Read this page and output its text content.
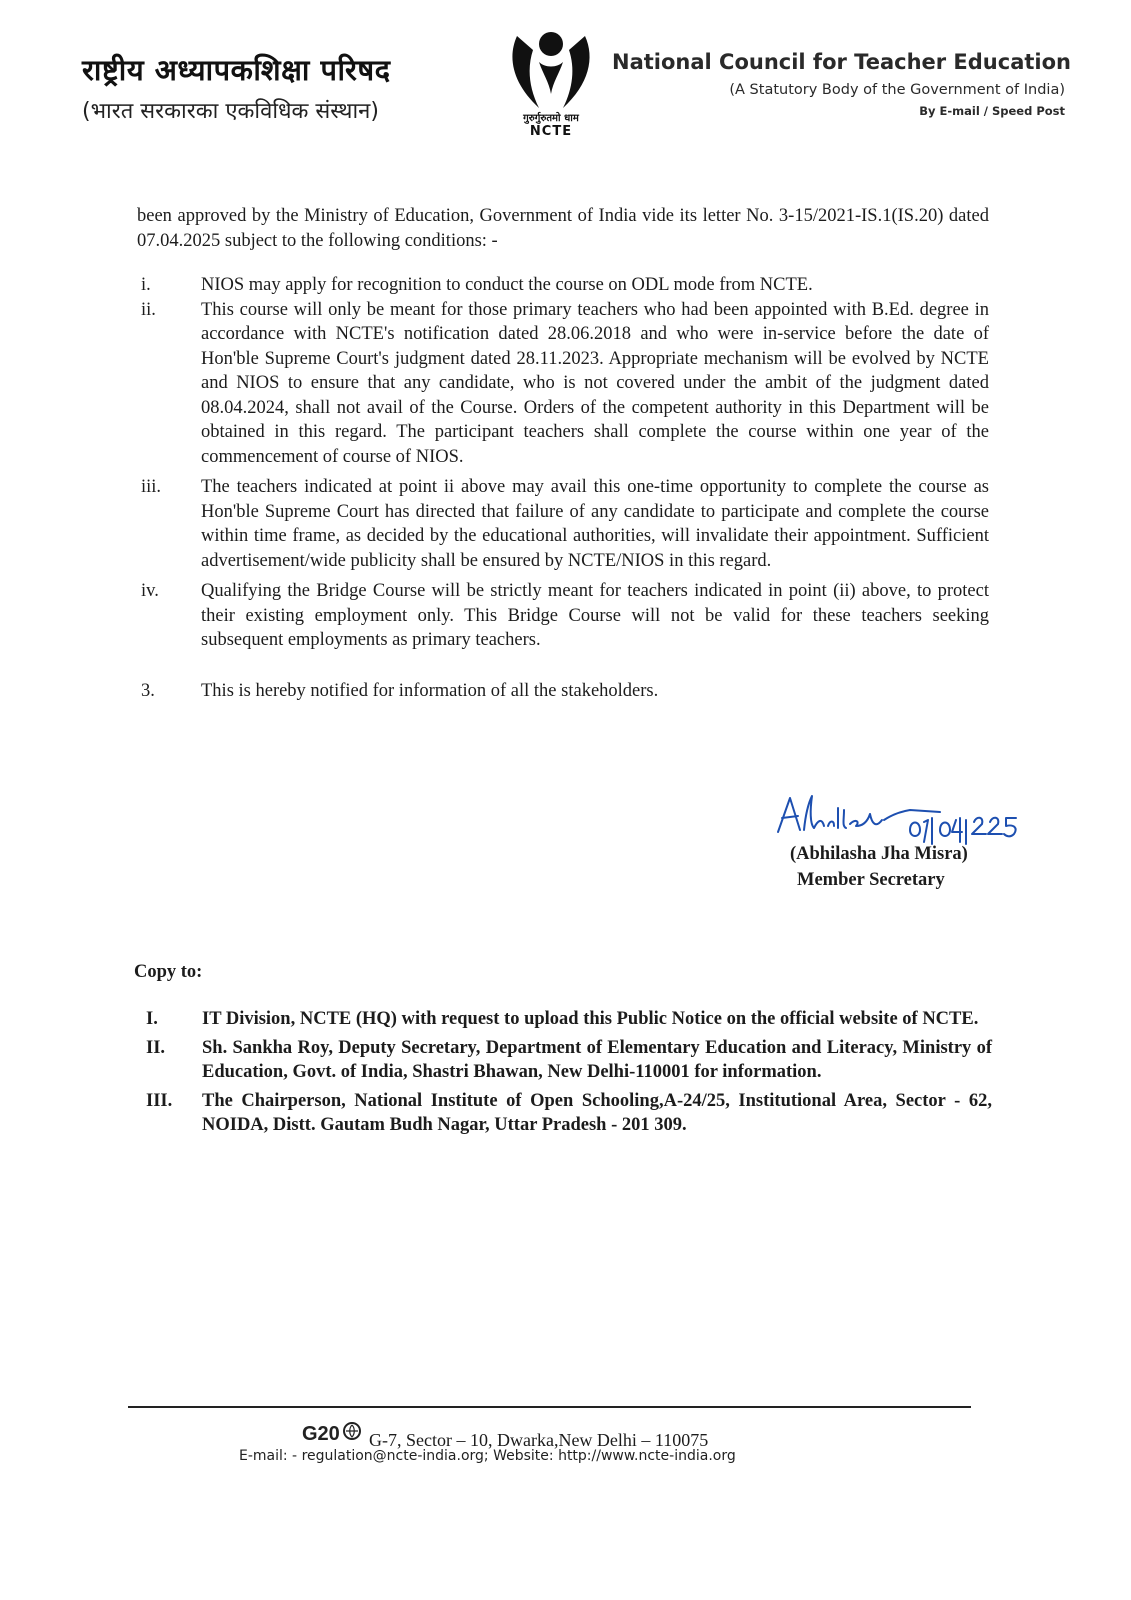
राष्ट्रीय अध्यापकशिक्षा परिषद
(भारत सरकारका एकविधिक संस्थान)	गुरुर्गुरुतमो धाम
NCTE
National Council for Teacher Education
(A Statutory Body of the Government of India)
By E-mail / Speed Post

been approved by the Ministry of Education, Government of India vide its letter No. 3-15/2021-IS.1(IS.20) dated 07.04.2025 subject to the following conditions: -

i.	NIOS may apply for recognition to conduct the course on ODL mode from NCTE.
ii.	This course will only be meant for those primary teachers who had been appointed with B.Ed. degree in accordance with NCTE's notification dated 28.06.2018 and who were in-service before the date of Hon'ble Supreme Court's judgment dated 28.11.2023. Appropriate mechanism will be evolved by NCTE and NIOS to ensure that any candidate, who is not covered under the ambit of the judgment dated 08.04.2024, shall not avail of the Course. Orders of the competent authority in this Department will be obtained in this regard. The participant teachers shall complete the course within one year of the commencement of course of NIOS.
iii.	The teachers indicated at point ii above may avail this one-time opportunity to complete the course as Hon'ble Supreme Court has directed that failure of any candidate to participate and complete the course within time frame, as decided by the educational authorities, will invalidate their appointment. Sufficient advertisement/wide publicity shall be ensured by NCTE/NIOS in this regard.
iv.	Qualifying the Bridge Course will be strictly meant for teachers indicated in point (ii) above, to protect their existing employment only. This Bridge Course will not be valid for these teachers seeking subsequent employments as primary teachers.
3.	This is hereby notified for information of all the stakeholders.
(Abhilasha Jha Misra)
Member Secretary
Copy to:
I.	IT Division, NCTE (HQ) with request to upload this Public Notice on the official website of NCTE.
II.	Sh. Sankha Roy, Deputy Secretary, Department of Elementary Education and Literacy, Ministry of Education, Govt. of India, Shastri Bhawan, New Delhi-110001 for information.
III.	The Chairperson, National Institute of Open Schooling,A-24/25, Institutional Area, Sector - 62, NOIDA, Distt. Gautam Budh Nagar, Uttar Pradesh - 201 309.
G20 G-7, Sector – 10, Dwarka,New Delhi – 110075
E-mail: - regulation@ncte-india.org; Website: http://www.ncte-india.org
